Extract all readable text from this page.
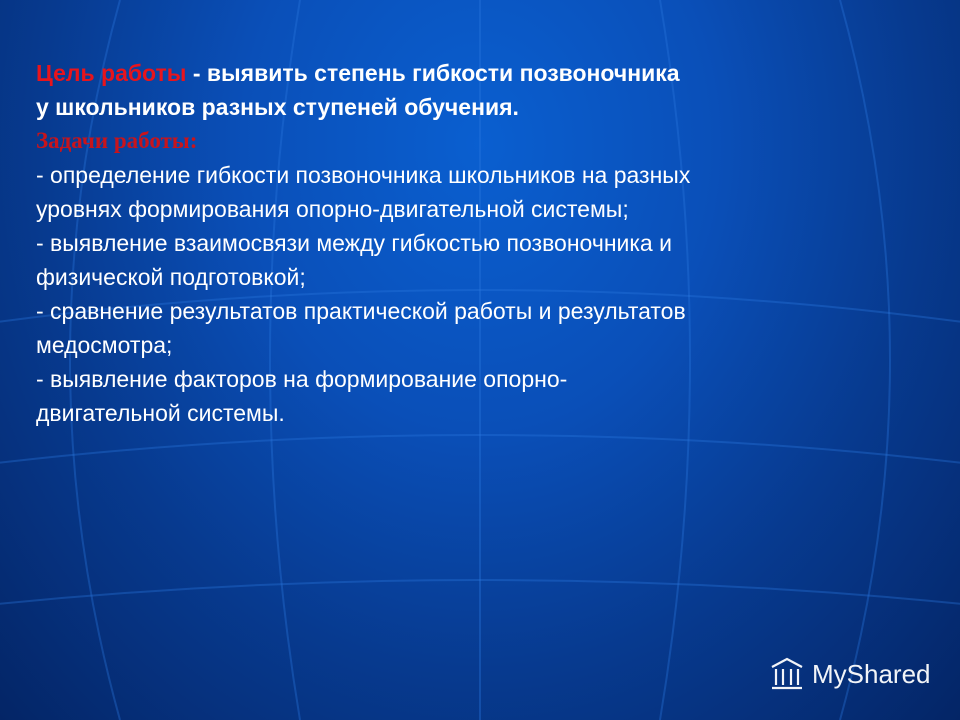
Цель работы - выявить степень гибкости позвоночника
у школьников разных ступеней обучения.
Задачи работы:
- определение гибкости позвоночника школьников на разных
уровнях формирования опорно-двигательной системы;
- выявление взаимосвязи между гибкостью позвоночника и
физической подготовкой;
- сравнение результатов практической работы и результатов
медосмотра;
- выявление факторов на формирование опорно-
двигательной системы.
MyShared
